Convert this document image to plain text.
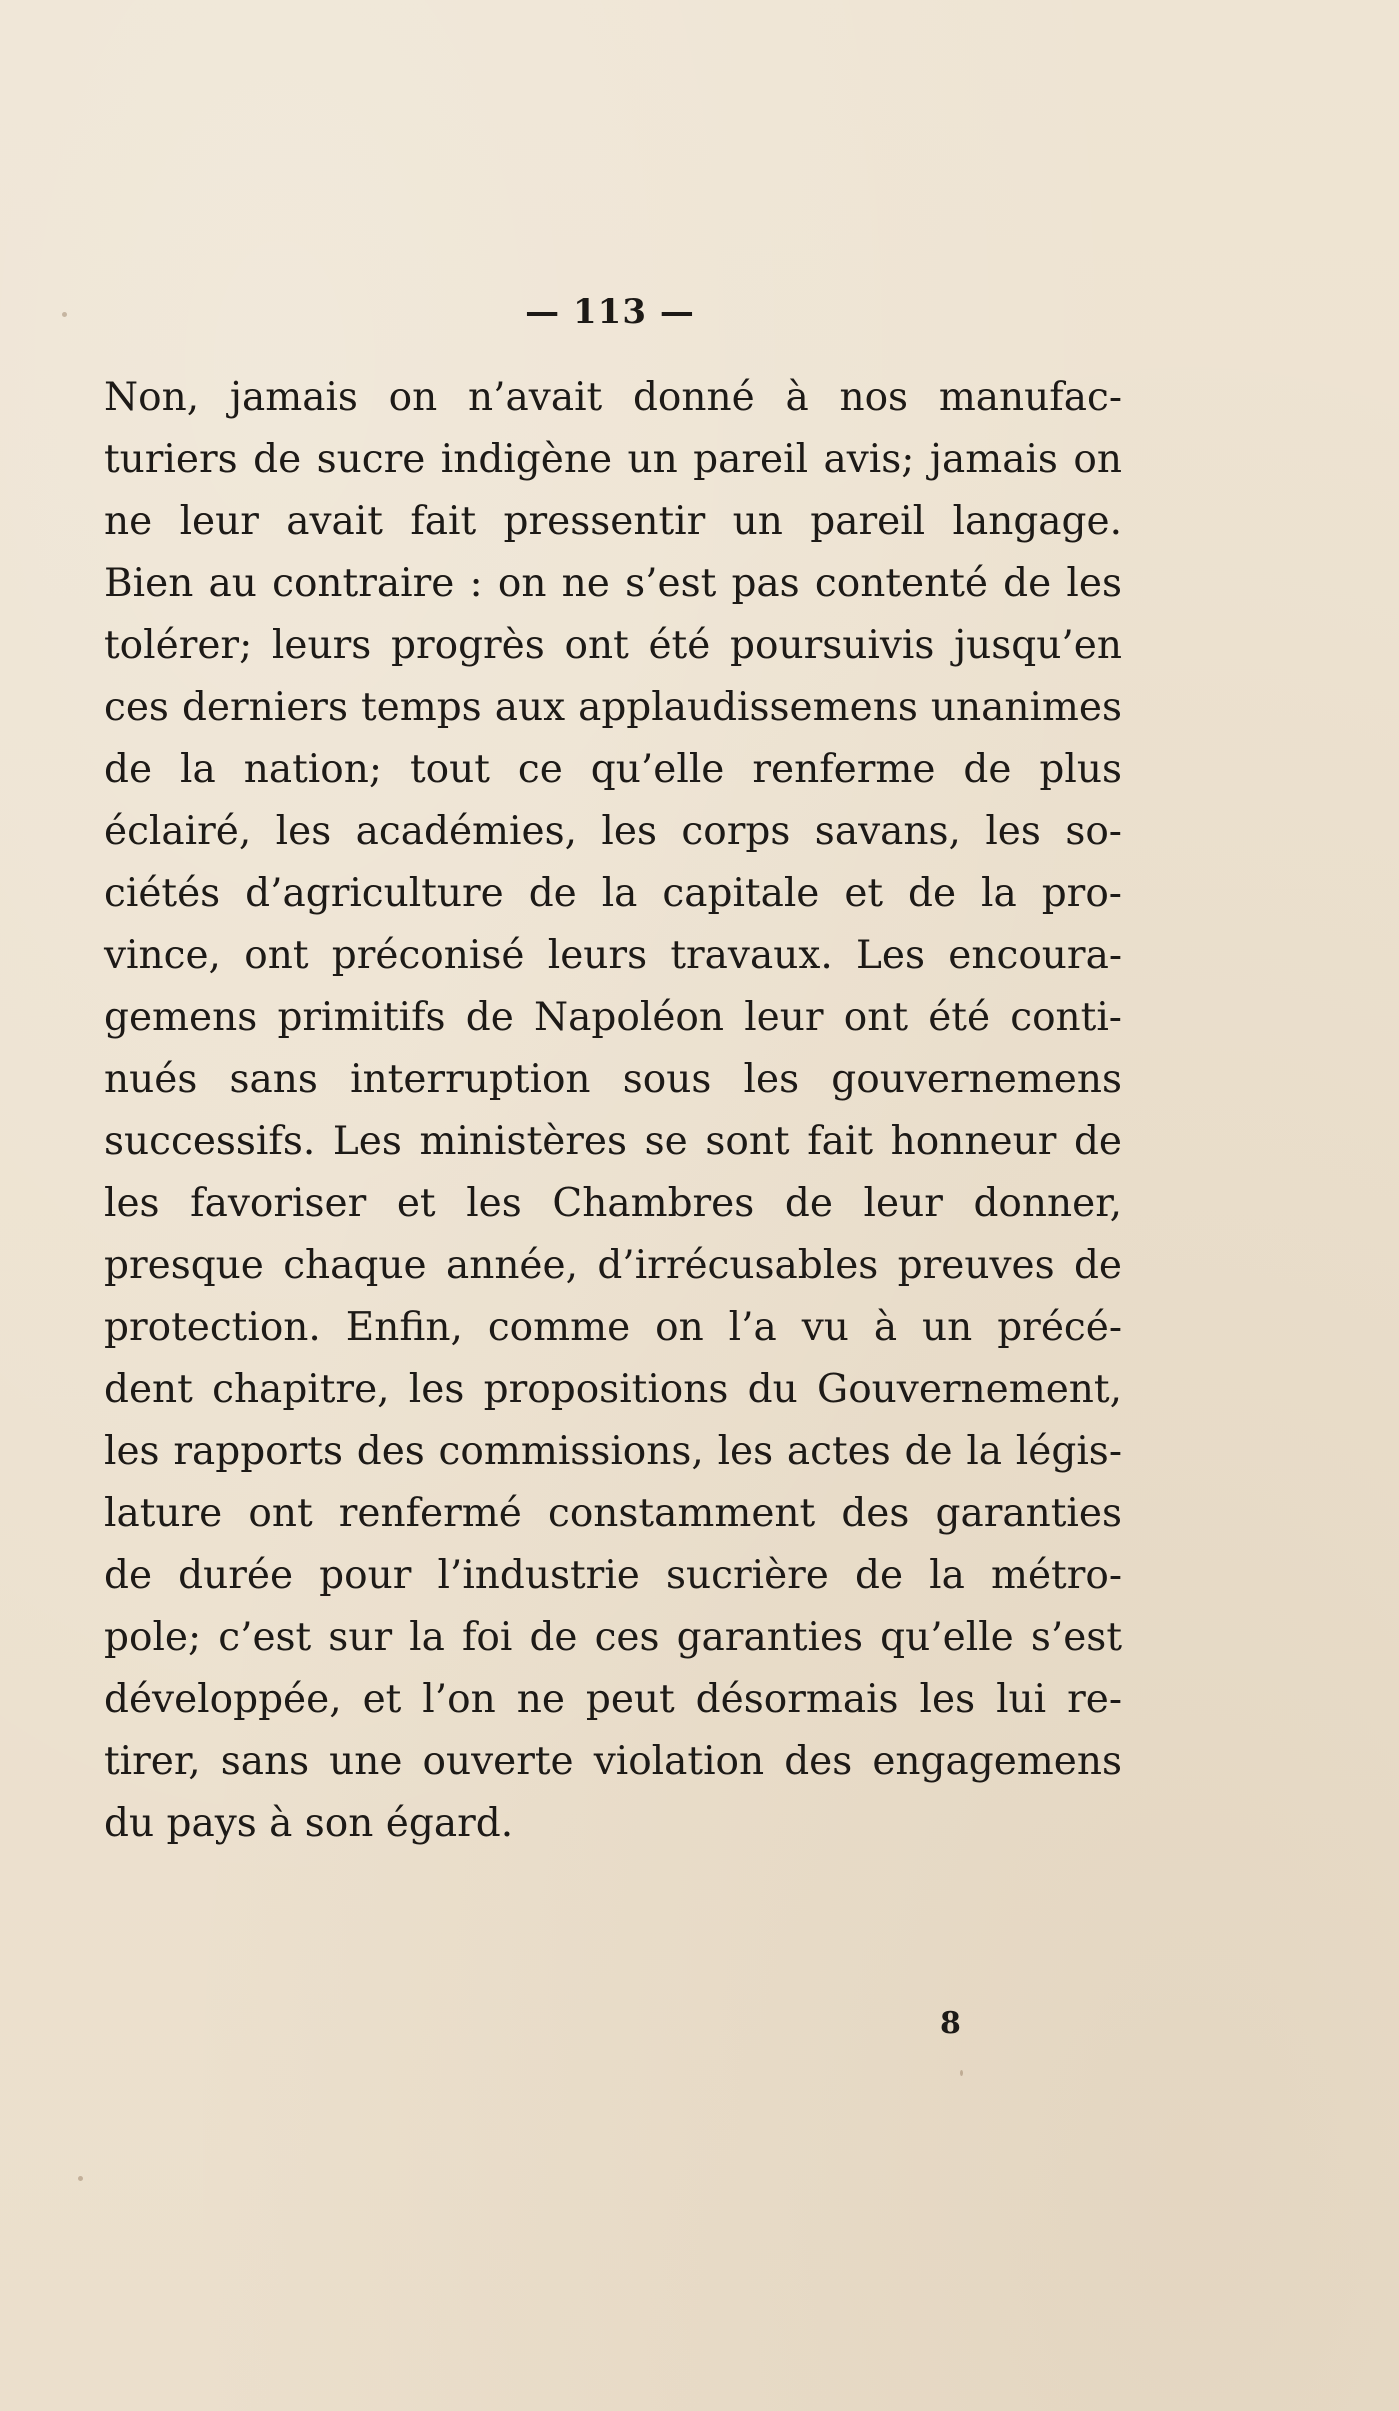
— 113 —
Non, jamais on n’avait donné à nos manufac-
turiers de sucre indigène un pareil avis; jamais on
ne leur avait fait pressentir un pareil langage.
Bien au contraire : on ne s’est pas contenté de les
tolérer; leurs progrès ont été poursuivis jusqu’en
ces derniers temps aux applaudissemens unanimes
de la nation; tout ce qu’elle renferme de plus
éclairé, les académies, les corps savans, les so-
ciétés d’agriculture de la capitale et de la pro-
vince, ont préconisé leurs travaux. Les encoura-
gemens primitifs de Napoléon leur ont été conti-
nués sans interruption sous les gouvernemens
successifs. Les ministères se sont fait honneur de
les favoriser et les Chambres de leur donner,
presque chaque année, d’irrécusables preuves de
protection. Enfin, comme on l’a vu à un précé-
dent chapitre, les propositions du Gouvernement,
les rapports des commissions, les actes de la légis-
lature ont renfermé constamment des garanties
de durée pour l’industrie sucrière de la métro-
pole; c’est sur la foi de ces garanties qu’elle s’est
développée, et l’on ne peut désormais les lui re-
tirer, sans une ouverte violation des engagemens
du pays à son égard.
8
